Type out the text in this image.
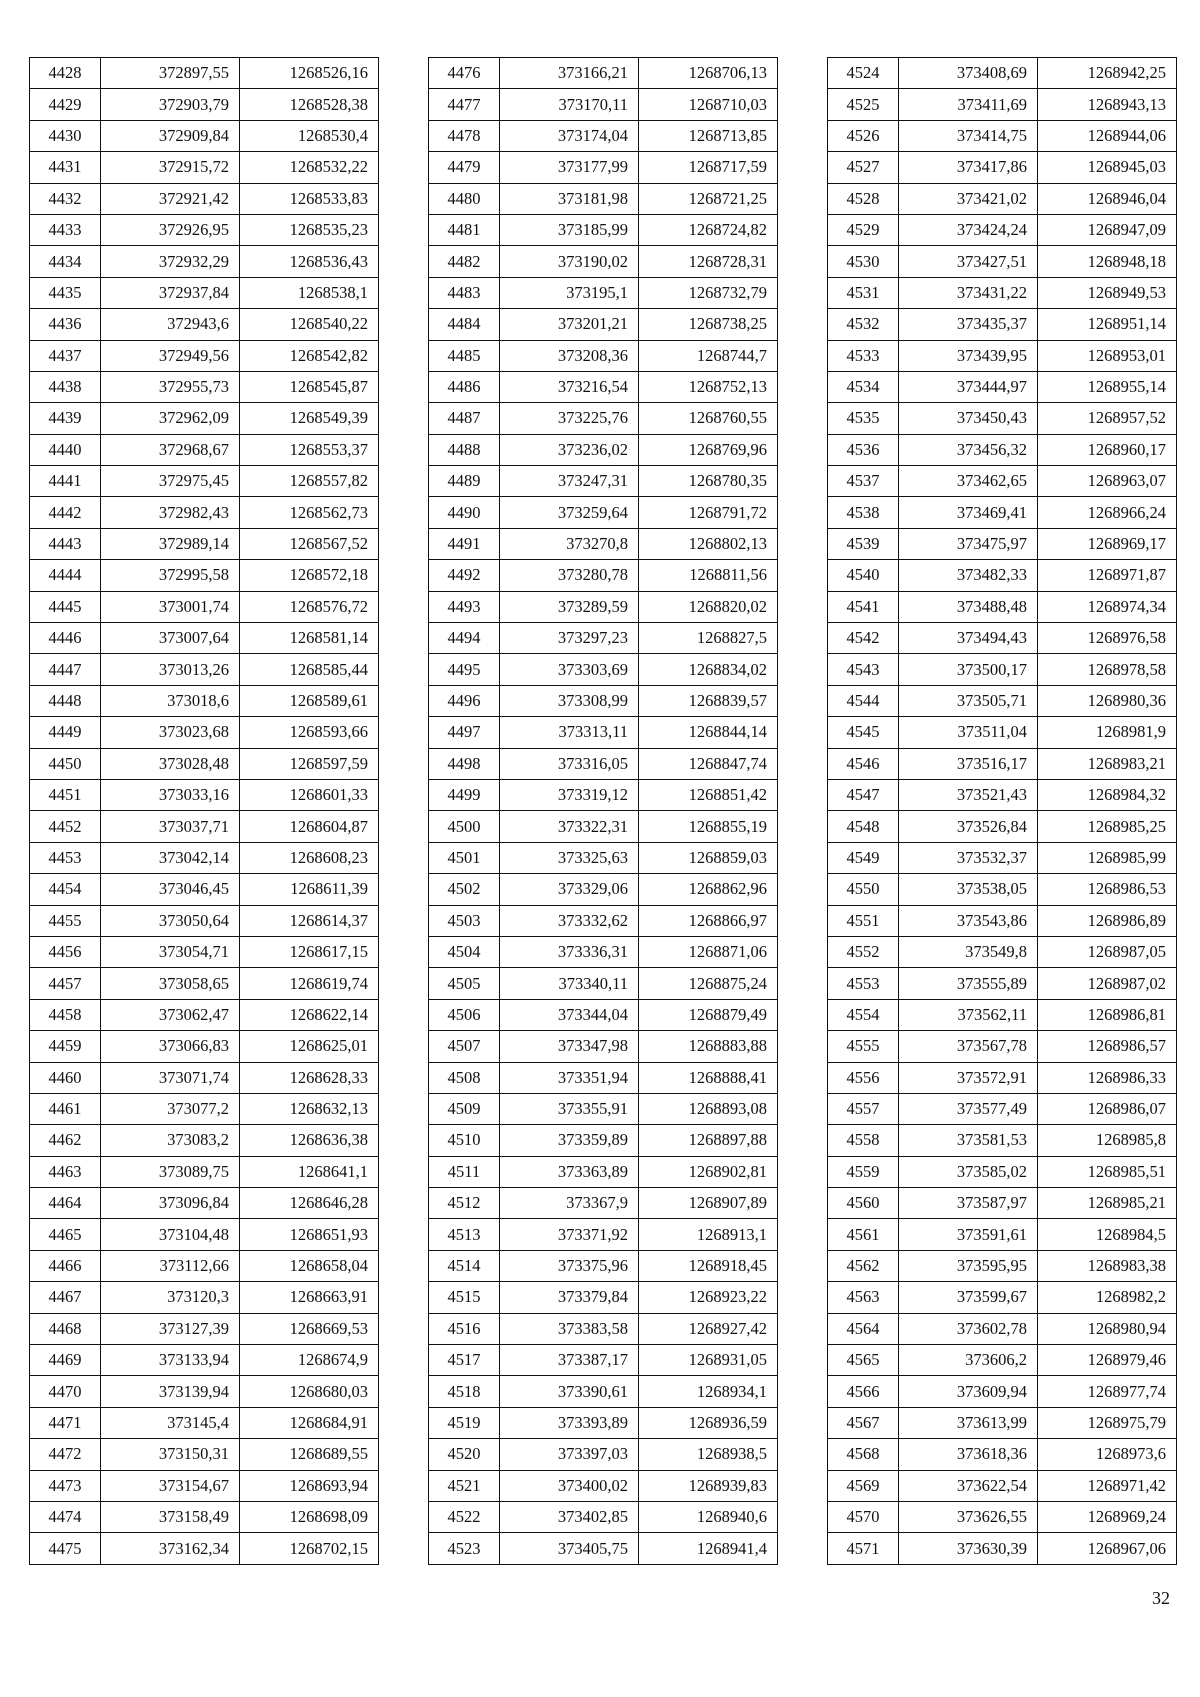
4428	372897,55	1268526,16
4429	372903,79	1268528,38
4430	372909,84	1268530,4
4431	372915,72	1268532,22
4432	372921,42	1268533,83
4433	372926,95	1268535,23
4434	372932,29	1268536,43
4435	372937,84	1268538,1
4436	372943,6	1268540,22
4437	372949,56	1268542,82
4438	372955,73	1268545,87
4439	372962,09	1268549,39
4440	372968,67	1268553,37
4441	372975,45	1268557,82
4442	372982,43	1268562,73
4443	372989,14	1268567,52
4444	372995,58	1268572,18
4445	373001,74	1268576,72
4446	373007,64	1268581,14
4447	373013,26	1268585,44
4448	373018,6	1268589,61
4449	373023,68	1268593,66
4450	373028,48	1268597,59
4451	373033,16	1268601,33
4452	373037,71	1268604,87
4453	373042,14	1268608,23
4454	373046,45	1268611,39
4455	373050,64	1268614,37
4456	373054,71	1268617,15
4457	373058,65	1268619,74
4458	373062,47	1268622,14
4459	373066,83	1268625,01
4460	373071,74	1268628,33
4461	373077,2	1268632,13
4462	373083,2	1268636,38
4463	373089,75	1268641,1
4464	373096,84	1268646,28
4465	373104,48	1268651,93
4466	373112,66	1268658,04
4467	373120,3	1268663,91
4468	373127,39	1268669,53
4469	373133,94	1268674,9
4470	373139,94	1268680,03
4471	373145,4	1268684,91
4472	373150,31	1268689,55
4473	373154,67	1268693,94
4474	373158,49	1268698,09
4475	373162,34	1268702,15
4476	373166,21	1268706,13
4477	373170,11	1268710,03
4478	373174,04	1268713,85
4479	373177,99	1268717,59
4480	373181,98	1268721,25
4481	373185,99	1268724,82
4482	373190,02	1268728,31
4483	373195,1	1268732,79
4484	373201,21	1268738,25
4485	373208,36	1268744,7
4486	373216,54	1268752,13
4487	373225,76	1268760,55
4488	373236,02	1268769,96
4489	373247,31	1268780,35
4490	373259,64	1268791,72
4491	373270,8	1268802,13
4492	373280,78	1268811,56
4493	373289,59	1268820,02
4494	373297,23	1268827,5
4495	373303,69	1268834,02
4496	373308,99	1268839,57
4497	373313,11	1268844,14
4498	373316,05	1268847,74
4499	373319,12	1268851,42
4500	373322,31	1268855,19
4501	373325,63	1268859,03
4502	373329,06	1268862,96
4503	373332,62	1268866,97
4504	373336,31	1268871,06
4505	373340,11	1268875,24
4506	373344,04	1268879,49
4507	373347,98	1268883,88
4508	373351,94	1268888,41
4509	373355,91	1268893,08
4510	373359,89	1268897,88
4511	373363,89	1268902,81
4512	373367,9	1268907,89
4513	373371,92	1268913,1
4514	373375,96	1268918,45
4515	373379,84	1268923,22
4516	373383,58	1268927,42
4517	373387,17	1268931,05
4518	373390,61	1268934,1
4519	373393,89	1268936,59
4520	373397,03	1268938,5
4521	373400,02	1268939,83
4522	373402,85	1268940,6
4523	373405,75	1268941,4
4524	373408,69	1268942,25
4525	373411,69	1268943,13
4526	373414,75	1268944,06
4527	373417,86	1268945,03
4528	373421,02	1268946,04
4529	373424,24	1268947,09
4530	373427,51	1268948,18
4531	373431,22	1268949,53
4532	373435,37	1268951,14
4533	373439,95	1268953,01
4534	373444,97	1268955,14
4535	373450,43	1268957,52
4536	373456,32	1268960,17
4537	373462,65	1268963,07
4538	373469,41	1268966,24
4539	373475,97	1268969,17
4540	373482,33	1268971,87
4541	373488,48	1268974,34
4542	373494,43	1268976,58
4543	373500,17	1268978,58
4544	373505,71	1268980,36
4545	373511,04	1268981,9
4546	373516,17	1268983,21
4547	373521,43	1268984,32
4548	373526,84	1268985,25
4549	373532,37	1268985,99
4550	373538,05	1268986,53
4551	373543,86	1268986,89
4552	373549,8	1268987,05
4553	373555,89	1268987,02
4554	373562,11	1268986,81
4555	373567,78	1268986,57
4556	373572,91	1268986,33
4557	373577,49	1268986,07
4558	373581,53	1268985,8
4559	373585,02	1268985,51
4560	373587,97	1268985,21
4561	373591,61	1268984,5
4562	373595,95	1268983,38
4563	373599,67	1268982,2
4564	373602,78	1268980,94
4565	373606,2	1268979,46
4566	373609,94	1268977,74
4567	373613,99	1268975,79
4568	373618,36	1268973,6
4569	373622,54	1268971,42
4570	373626,55	1268969,24
4571	373630,39	1268967,06
32
